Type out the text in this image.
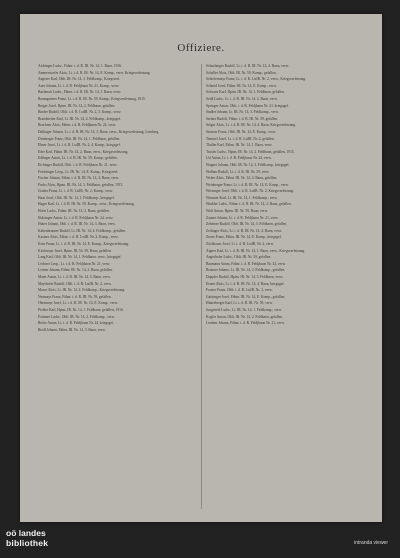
Offiziere.
Aichinger Ludw., Fähnr. i. d. R. IR. Nr. 14, 1. Baon, 1916.
Ammerstorfer Alois, Lt. i. d. R. IR. Nr. 14, E. Komp., verw. Kriegsverletzung.
Angerer Karl, Oblt. IR. Nr. 14, 3. Feldkomp., Kriegsverl.
Auer Johann, Lt. i. d. R. Feldjbaon Nr. 21, Komp., verw.
Bachmair Ludw., Fähnr. i. d. R. IR. Nr. 14, 1. Baon, verw.
Baumgartner Franz, Lt. i. d. R. IR. Nr. 59, Komp., Kriegsverletzung, 1915.
Berger Josef, Hptm. IR. Nr. 14, 2. Feldbaon, gefallen.
Binder Rudolf, Oblt. i. d. R. LstIR. Nr. 2, 3. Komp., verw.
Brandstetter Karl, Lt. IR. Nr. 14, 4. Feldkomp., kriegsgef.
Bruckner Alois, Fähnr. i. d. R. Feldjbaon Nr. 24, verw.
Dallinger Johann, Lt. i. d. R. IR. Nr. 14, 3. Baon, verw., Kriegsverletzung, Lemberg.
Dirnberger Franz, Oblt. IR. Nr. 14, 1. Feldbaon, gefallen.
Ebner Josef, Lt. i. d. R. LstIR. Nr. 2, 4. Komp., kriegsgef.
Eder Karl, Fähnr. IR. Nr. 14, 2. Baon, verw., Kriegsverletzung.
Edlinger Anton, Lt. i. d. R. IR. Nr. 59, Komp., gefallen.
Eichinger Rudolf, Oblt. i. d. R. Feldjbaon Nr. 21, verw.
Feichtinger Leop., Lt. IR. Nr. 14, E. Komp., Kriegsverl.
Fischer Johann, Fähnr. i. d. R. IR. Nr. 14, 4. Baon, verw.
Fuchs Alois, Hptm. IR. Nr. 14, 3. Feldbaon, gefallen, 1915.
Gruber Franz, Lt. i. d. R. LstIR. Nr. 2, Komp., verw.
Haas Josef, Oblt. IR. Nr. 14, 1. Feldkomp., kriegsgef.
Hager Karl, Lt. i. d. R. IR. Nr. 59, Komp., verw., Kriegsverletzung.
Hofer Ludw., Fähnr. IR. Nr. 14, 2. Baon, gefallen.
Holzinger Anton, Lt. i. d. R. Feldjbaon Nr. 24, verw.
Huber Johann, Oblt. i. d. R. IR. Nr. 14, 3. Baon, verw.
Kaltenbrunner Rudolf, Lt. IR. Nr. 14, 4. Feldkomp., gefallen.
Kastner Alois, Fähnr. i. d. R. LstIR. Nr. 2, Komp., verw.
Kern Franz, Lt. i. d. R. IR. Nr. 14, E. Komp., Kriegsverletzung.
Kirchmayr Josef, Hptm. IR. Nr. 59, Baon, gefallen.
Lang Karl, Oblt. IR. Nr. 14, 1. Feldbaon, verw., kriegsgef.
Lechner Leop., Lt. i. d. R. Feldjbaon Nr. 21, verw.
Leitner Johann, Fähnr. IR. Nr. 14, 2. Baon, gefallen.
Maier Anton, Lt. i. d. R. IR. Nr. 14, 3. Baon, verw.
Mayrhofer Rudolf, Oblt. i. d. R. LstIR. Nr. 2, verw.
Moser Alois, Lt. IR. Nr. 14, 4. Feldkomp., Kriegsverletzung.
Neumayr Franz, Fähnr. i. d. R. IR. Nr. 59, gefallen.
Obermayr Josef, Lt. i. d. R. IR. Nr. 14, E. Komp., verw.
Pichler Karl, Hptm. IR. Nr. 14, 1. Feldbaon, gefallen, 1916.
Pointner Ludw., Oblt. IR. Nr. 14, 2. Feldkomp., verw.
Reiter Anton, Lt. i. d. R. Feldjbaon Nr. 24, kriegsgef.
Riedl Johann, Fähnr. IR. Nr. 14, 3. Baon, verw.
Schachinger Rudolf, Lt. i. d. R. IR. Nr. 14, 4. Baon, verw.
Schaller Alois, Oblt. IR. Nr. 59, Komp., gefallen.
Schiefermayr Franz, Lt. i. d. R. LstIR. Nr. 2, verw., Kriegsverletzung.
Schmid Josef, Fähnr. IR. Nr. 14, E. Komp., verw.
Schwarz Karl, Hptm. IR. Nr. 14, 1. Feldbaon, gefallen.
Seidl Ludw., Lt. i. d. R. IR. Nr. 14, 2. Baon, verw.
Springer Anton, Oblt. i. d. R. Feldjbaon Nr. 21, kriegsgef.
Stadler Johann, Lt. IR. Nr. 14, 3. Feldkomp., verw.
Steiner Rudolf, Fähnr. i. d. R. IR. Nr. 59, gefallen.
Stöger Alois, Lt. i. d. R. IR. Nr. 14, 4. Baon, Kriegsverletzung.
Strasser Franz, Oblt. IR. Nr. 14, E. Komp., verw.
Temmel Josef, Lt. i. d. R. LstIR. Nr. 2, gefallen.
Thaller Karl, Fähnr. IR. Nr. 14, 1. Baon, verw.
Traxler Ludw., Hptm. IR. Nr. 14, 2. Feldbaon, gefallen, 1915.
Url Anton, Lt. i. d. R. Feldjbaon Nr. 24, verw.
Wagner Johann, Oblt. IR. Nr. 14, 3. Feldkomp., kriegsgef.
Wallner Rudolf, Lt. i. d. R. IR. Nr. 59, verw.
Weber Alois, Fähnr. IR. Nr. 14, 4. Baon, gefallen.
Weinberger Franz, Lt. i. d. R. IR. Nr. 14, E. Komp., verw.
Wiesinger Josef, Oblt. i. d. R. LstIR. Nr. 2, Kriegsverletzung.
Wimmer Karl, Lt. IR. Nr. 14, 1. Feldkomp., verw.
Winkler Ludw., Fähnr. i. d. R. IR. Nr. 14, 2. Baon, gefallen.
Wolf Anton, Hptm. IR. Nr. 59, Baon, verw.
Zauner Johann, Lt. i. d. R. Feldjbaon Nr. 21, verw.
Zehetner Rudolf, Oblt. IR. Nr. 14, 3. Feldbaon, gefallen.
Zeilinger Alois, Lt. i. d. R. IR. Nr. 14, 4. Baon, verw.
Zierer Franz, Fähnr. IR. Nr. 14, E. Komp., kriegsgef.
Zöchbauer Josef, Lt. i. d. R. LstIR. Nr. 2, verw.
Aigner Karl, Lt. i. d. R. IR. Nr. 14, 1. Baon, verw., Kriegsverletzung.
Angerhofer Ludw., Oblt. IR. Nr. 59, gefallen.
Baumann Anton, Fähnr. i. d. R. Feldjbaon Nr. 24, verw.
Brunner Johann, Lt. IR. Nr. 14, 2. Feldkomp., gefallen.
Doppler Rudolf, Hptm. IR. Nr. 14, 3. Feldbaon, verw.
Eisner Alois, Lt. i. d. R. IR. Nr. 14, 4. Baon, kriegsgef.
Forster Franz, Oblt. i. d. R. LstIR. Nr. 2, verw.
Gattringer Josef, Fähnr. IR. Nr. 14, E. Komp., gefallen.
Hinterberger Karl, Lt. i. d. R. IR. Nr. 59, verw.
Jungwirth Ludw., Lt. IR. Nr. 14, 1. Feldkomp., verw.
Kogler Anton, Oblt. IR. Nr. 14, 2. Feldbaon, gefallen.
Lindner Johann, Fähnr. i. d. R. Feldjbaon Nr. 21, verw.
oö landes
bibliothek	intranda viewer
